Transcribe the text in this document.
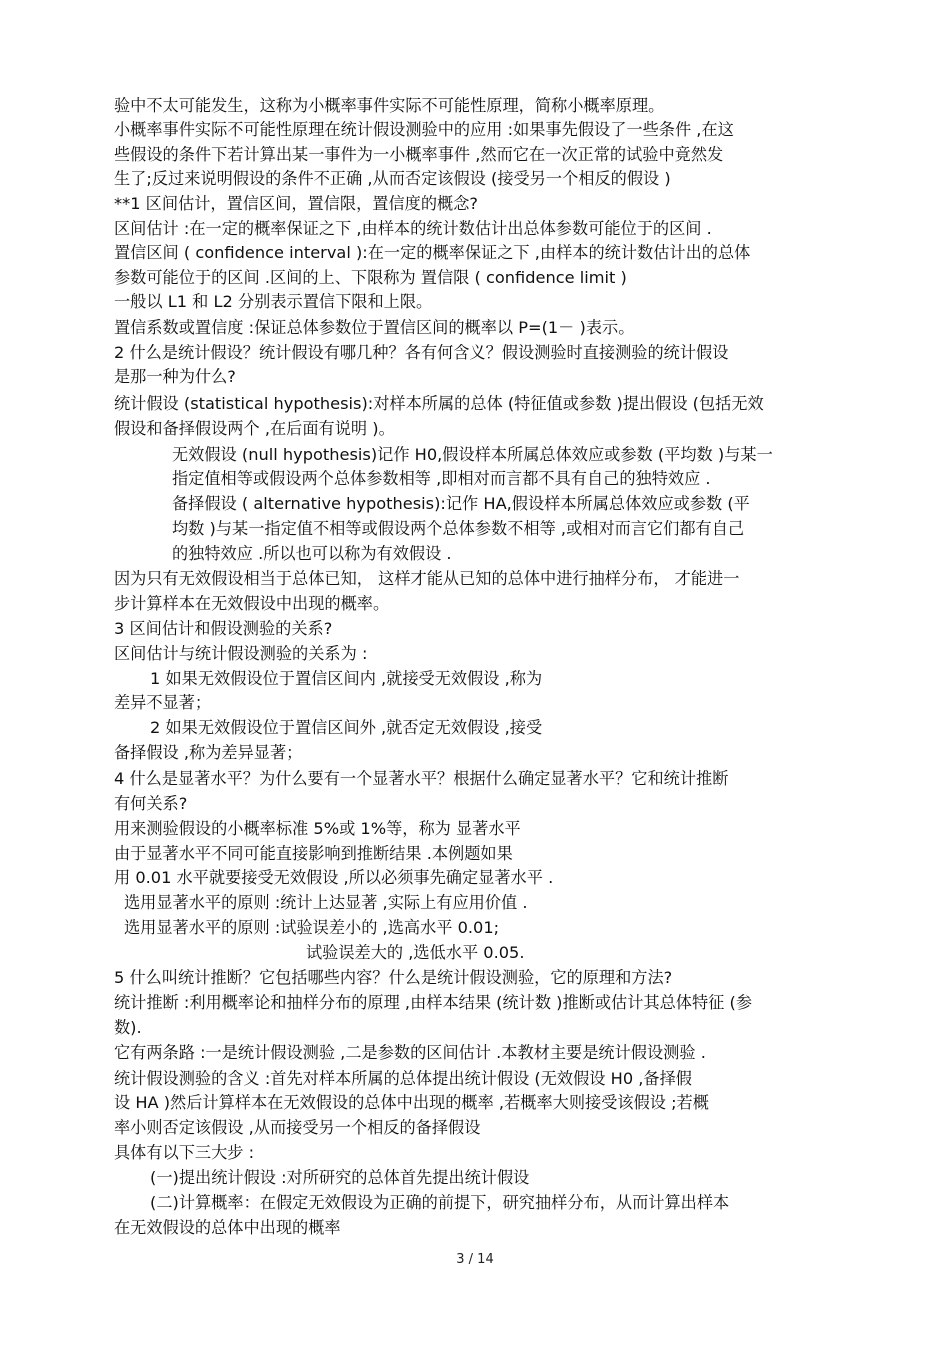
验中不太可能发生，这称为小概率事件实际不可能性原理，简称小概率原理。
小概率事件实际不可能性原理在统计假设测验中的应用 :如果事先假设了一些条件 ,在这
些假设的条件下若计算出某一事件为一小概率事件 ,然而它在一次正常的试验中竟然发
生了;反过来说明假设的条件不正确 ,从而否定该假设 (接受另一个相反的假设 )
**1 区间估计，置信区间，置信限，置信度的概念?
区间估计 :在一定的概率保证之下 ,由样本的统计数估计出总体参数可能位于的区间 .
置信区间 ( confidence interval ):在一定的概率保证之下 ,由样本的统计数估计出的总体
参数可能位于的区间 .区间的上、下限称为 置信限 ( confidence limit )
一般以 L1 和 L2 分别表示置信下限和上限。
置信系数或置信度 :保证总体参数位于置信区间的概率以 P=(1－ )表示。
2 什么是统计假设？统计假设有哪几种？各有何含义？假设测验时直接测验的统计假设
是那一种为什么?
统计假设 (statistical hypothesis):对样本所属的总体 (特征值或参数 )提出假设 (包括无效
假设和备择假设两个 ,在后面有说明 )。
无效假设 (null hypothesis)记作 H0,假设样本所属总体效应或参数 (平均数 )与某一
指定值相等或假设两个总体参数相等 ,即相对而言都不具有自己的独特效应 .
备择假设 ( alternative hypothesis):记作 HA,假设样本所属总体效应或参数 (平
均数 )与某一指定值不相等或假设两个总体参数不相等 ,或相对而言它们都有自己
的独特效应 .所以也可以称为有效假设 .
因为只有无效假设相当于总体已知， 这样才能从已知的总体中进行抽样分布， 才能进一
步计算样本在无效假设中出现的概率。
3 区间估计和假设测验的关系?
区间估计与统计假设测验的关系为 :
1 如果无效假设位于置信区间内 ,就接受无效假设 ,称为
差异不显著；
2 如果无效假设位于置信区间外 ,就否定无效假设 ,接受
备择假设 ,称为差异显著；
4 什么是显著水平？为什么要有一个显著水平？根据什么确定显著水平？它和统计推断
有何关系?
用来测验假设的小概率标准 5%或 1%等，称为 显著水平
由于显著水平不同可能直接影响到推断结果 .本例题如果
用 0.01 水平就要接受无效假设 ,所以必须事先确定显著水平 .
选用显著水平的原则 :统计上达显著 ,实际上有应用价值 .
选用显著水平的原则 :试验误差小的 ,选高水平 0.01;
试验误差大的 ,选低水平 0.05.
5 什么叫统计推断？它包括哪些内容？什么是统计假设测验，它的原理和方法?
统计推断 :利用概率论和抽样分布的原理 ,由样本结果 (统计数 )推断或估计其总体特征 (参
数).
它有两条路 :一是统计假设测验 ,二是参数的区间估计 .本教材主要是统计假设测验 .
统计假设测验的含义 :首先对样本所属的总体提出统计假设 (无效假设 H0 ,备择假
设 HA )然后计算样本在无效假设的总体中出现的概率 ,若概率大则接受该假设 ;若概
率小则否定该假设 ,从而接受另一个相反的备择假设
具体有以下三大步 :
(一)提出统计假设 :对所研究的总体首先提出统计假设
(二)计算概率：在假定无效假设为正确的前提下，研究抽样分布，从而计算出样本
在无效假设的总体中出现的概率
3 / 14
